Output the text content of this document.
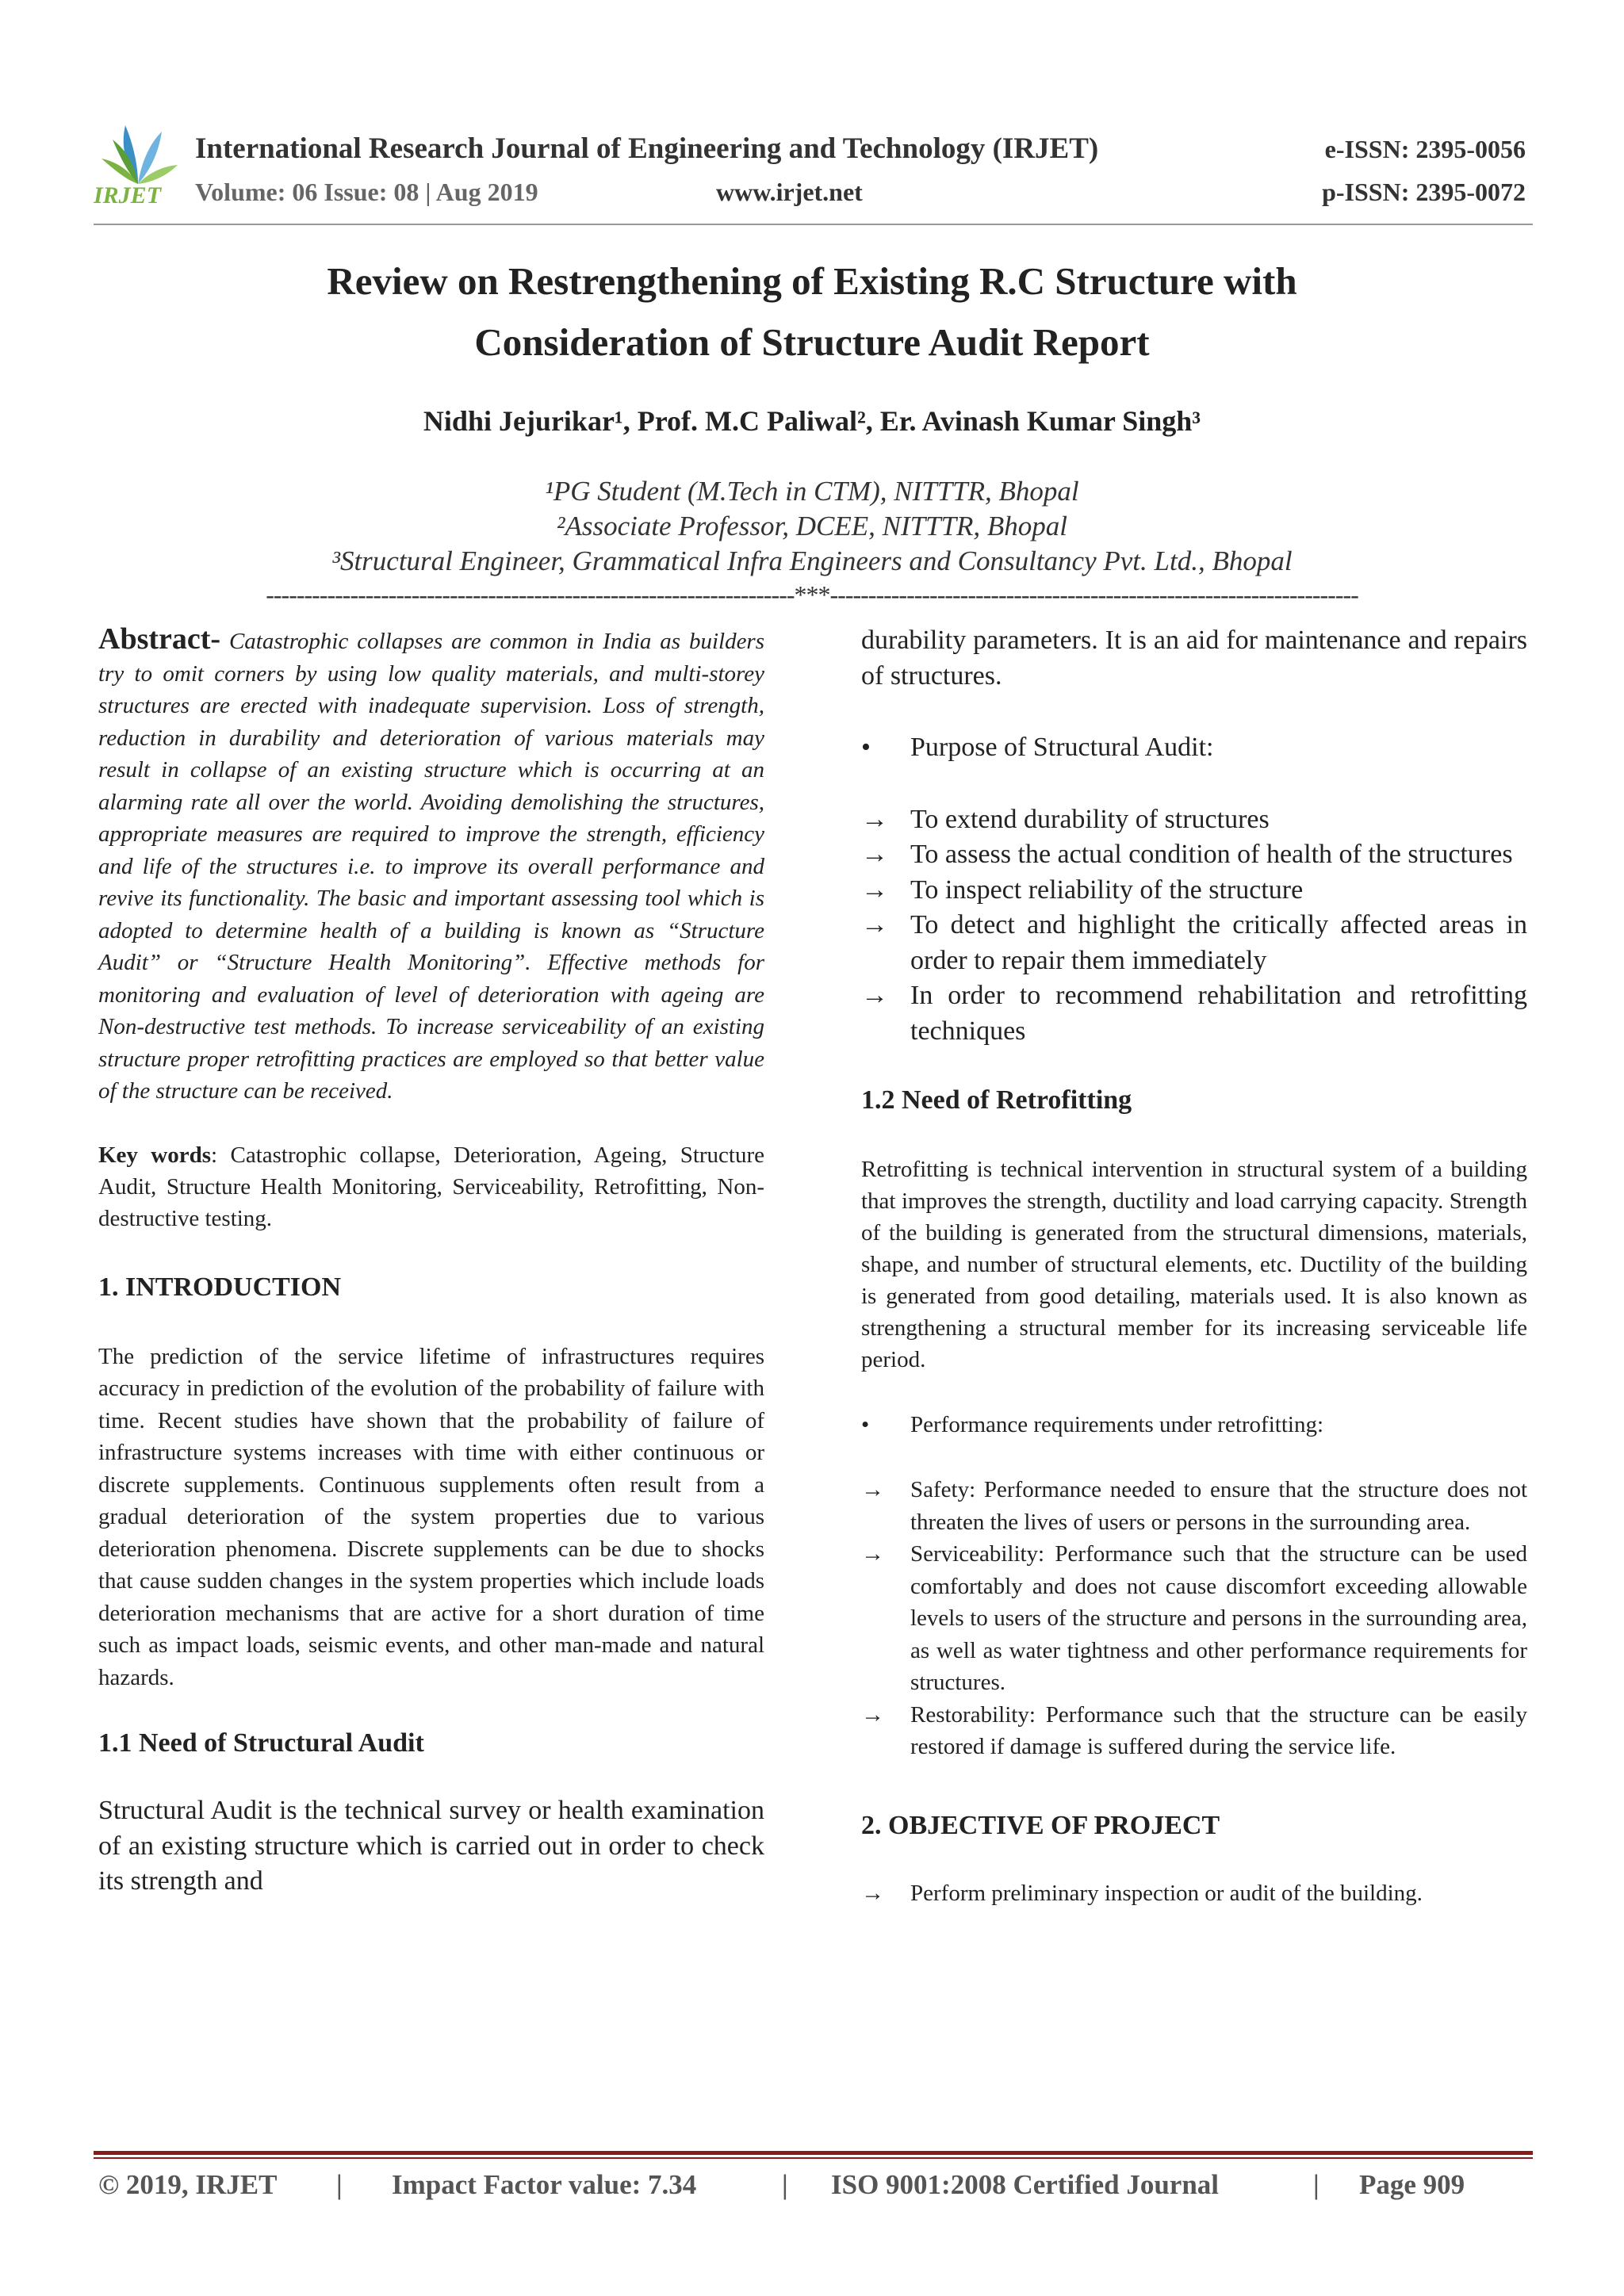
IRJET
International Research Journal of Engineering and Technology (IRJET)
Volume: 06 Issue: 08 | Aug 2019	www.irjet.net
e-ISSN: 2395-0056
p-ISSN: 2395-0072
Review on Restrengthening of Existing R.C Structure with
Consideration of Structure Audit Report
Nidhi Jejurikar¹, Prof. M.C Paliwal², Er. Avinash Kumar Singh³
¹PG Student (M.Tech in CTM), NITTTR, Bhopal
²Associate Professor, DCEE, NITTTR, Bhopal
³Structural Engineer, Grammatical Infra Engineers and Consultancy Pvt. Ltd., Bhopal
---------------------------------------------------------------------***---------------------------------------------------------------------

Abstract- Catastrophic collapses are common in India as builders try to omit corners by using low quality materials, and multi-storey structures are erected with inadequate supervision. Loss of strength, reduction in durability and deterioration of various materials may result in collapse of an existing structure which is occurring at an alarming rate all over the world. Avoiding demolishing the structures, appropriate measures are required to improve the strength, efficiency and life of the structures i.e. to improve its overall performance and revive its functionality. The basic and important assessing tool which is adopted to determine health of a building is known as “Structure Audit” or “Structure Health Monitoring”. Effective methods for monitoring and evaluation of level of deterioration with ageing are Non-destructive test methods. To increase serviceability of an existing structure proper retrofitting practices are employed so that better value of the structure can be received.

Key words: Catastrophic collapse, Deterioration, Ageing, Structure Audit, Structure Health Monitoring, Serviceability, Retrofitting, Non-destructive testing.

1. INTRODUCTION

The prediction of the service lifetime of infrastructures requires accuracy in prediction of the evolution of the probability of failure with time. Recent studies have shown that the probability of failure of infrastructure systems increases with time with either continuous or discrete supplements. Continuous supplements often result from a gradual deterioration of the system properties due to various deterioration phenomena. Discrete supplements can be due to shocks that cause sudden changes in the system properties which include loads deterioration mechanisms that are active for a short duration of time such as impact loads, seismic events, and other man-made and natural hazards.

1.1 Need of Structural Audit

Structural Audit is the technical survey or health examination of an existing structure which is carried out in order to check its strength and

durability parameters. It is an aid for maintenance and repairs of structures.

•	Purpose of Structural Audit:
→ To extend durability of structures
→ To assess the actual condition of health of the structures
→ To inspect reliability of the structure
→ To detect and highlight the critically affected areas in order to repair them immediately
→ In order to recommend rehabilitation and retrofitting techniques
1.2 Need of Retrofitting

Retrofitting is technical intervention in structural system of a building that improves the strength, ductility and load carrying capacity. Strength of the building is generated from the structural dimensions, materials, shape, and number of structural elements, etc. Ductility of the building is generated from good detailing, materials used. It is also known as strengthening a structural member for its increasing serviceable life period.

•	Performance requirements under retrofitting:
→	Safety: Performance needed to ensure that the structure does not threaten the lives of users or persons in the surrounding area.
→	Serviceability: Performance such that the structure can be used comfortably and does not cause discomfort exceeding allowable levels to users of the structure and persons in the surrounding area, as well as water tightness and other performance requirements for structures.
→	Restorability: Performance such that the structure can be easily restored if damage is suffered during the service life.
2. OBJECTIVE OF PROJECT
→	Perform preliminary inspection or audit of the building.
© 2019, IRJET | Impact Factor value: 7.34	| ISO 9001:2008 Certified Journal	| Page 909
